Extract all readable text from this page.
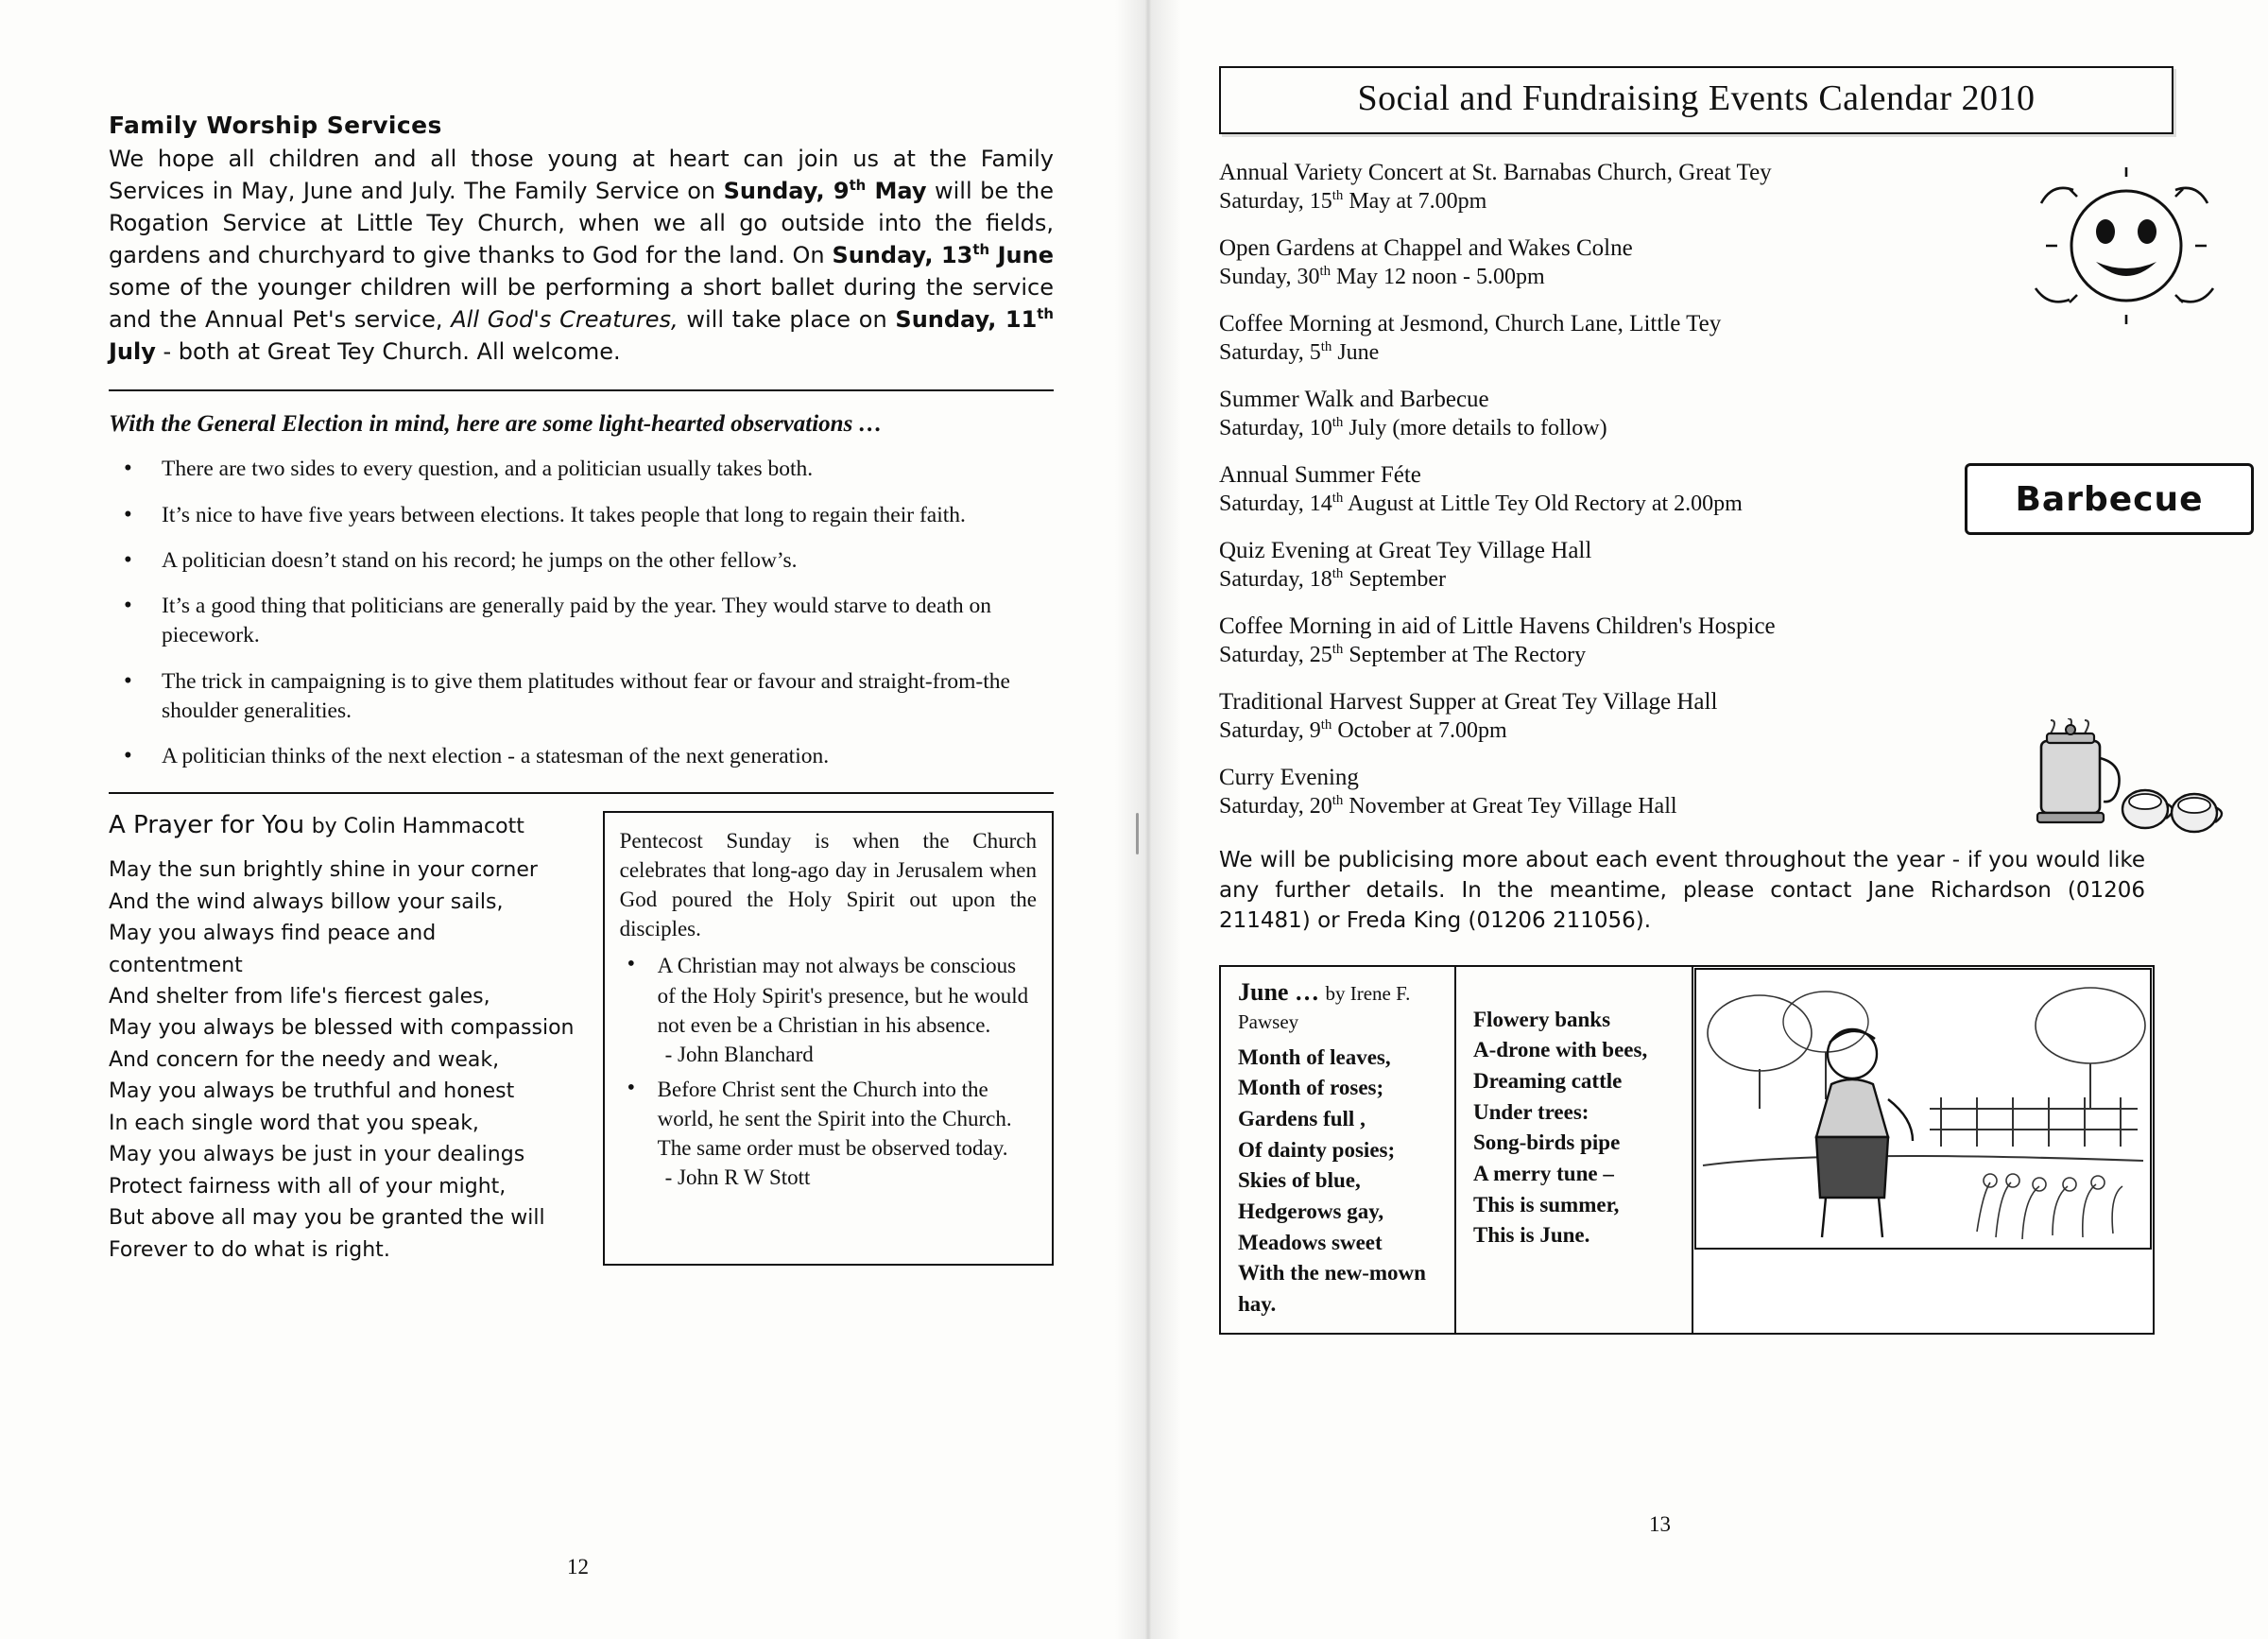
Family Worship Services
We hope all children and all those young at heart can join us at the Family Services in May, June and July. The Family Service on Sunday, 9th May will be the Rogation Service at Little Tey Church, when we all go outside into the fields, gardens and churchyard to give thanks to God for the land. On Sunday, 13th June some of the younger children will be performing a short ballet during the service and the Annual Pet's service, All God's Creatures, will take place on Sunday, 11th July - both at Great Tey Church. All welcome.
With the General Election in mind, here are some light-hearted observations …
• There are two sides to every question, and a politician usually takes both.
• It’s nice to have five years between elections. It takes people that long to regain their faith.
• A politician doesn’t stand on his record; he jumps on the other fellow’s.
• It’s a good thing that politicians are generally paid by the year. They would starve to death on piecework.
• The trick in campaigning is to give them platitudes without fear or favour and straight-from-the shoulder generalities.
• A politician thinks of the next election - a statesman of the next generation.
A Prayer for You by Colin Hammacott
May the sun brightly shine in your corner
And the wind always billow your sails,
May you always find peace and contentment
And shelter from life's fiercest gales,
May you always be blessed with compassion
And concern for the needy and weak,
May you always be truthful and honest
In each single word that you speak,
May you always be just in your dealings
Protect fairness with all of your might,
But above all may you be granted the will
Forever to do what is right.

Pentecost Sunday is when the Church celebrates that long-ago day in Jerusalem when God poured the Holy Spirit out upon the disciples.

• A Christian may not always be conscious of the Holy Spirit's presence, but he would not even be a Christian in his absence.
- John Blanchard
• Before Christ sent the Church into the world, he sent the Spirit into the Church. The same order must be observed today.
- John R W Stott
12
Social and Fundraising Events Calendar 2010
Annual Variety Concert at St. Barnabas Church, Great Tey
Saturday, 15th May at 7.00pm
Open Gardens at Chappel and Wakes Colne
Sunday, 30th May 12 noon - 5.00pm
Coffee Morning at Jesmond, Church Lane, Little Tey
Saturday, 5th June
Summer Walk and Barbecue
Saturday, 10th July (more details to follow)
Annual Summer Féte
Saturday, 14th August at Little Tey Old Rectory at 2.00pm
Quiz Evening at Great Tey Village Hall
Saturday, 18th September
Coffee Morning in aid of Little Havens Children's Hospice
Saturday, 25th September at The Rectory
Traditional Harvest Supper at Great Tey Village Hall
Saturday, 9th October at 7.00pm
Curry Evening
Saturday, 20th November at Great Tey Village Hall
We will be publicising more about each event throughout the year - if you would like any further details. In the meantime, please contact Jane Richardson (01206 211481) or Freda King (01206 211056).
June … by Irene F. Pawsey
Month of leaves,
Month of roses;
Gardens full ,
Of dainty posies;
Skies of blue,
Hedgerows gay,
Meadows sweet
With the new-mown hay.
Flowery banks
A-drone with bees,
Dreaming cattle
Under trees:
Song-birds pipe
A merry tune –
This is summer,
This is June.
Barbecue
13
